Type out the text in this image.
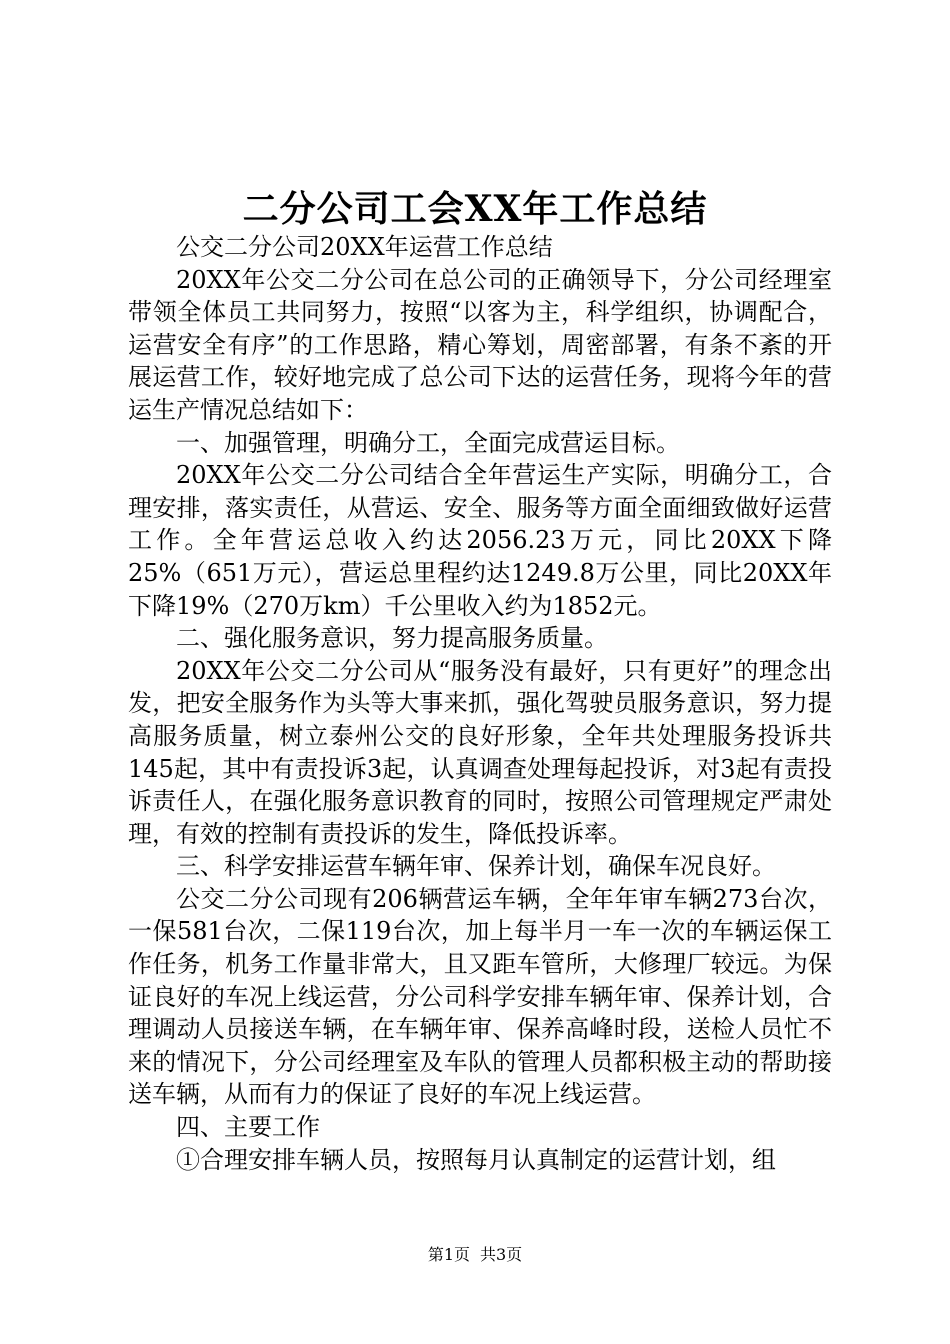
二分公司工会XX年工作总结

公交二分公司20XX年运营工作总结

20XX年公交二分公司在总公司的正确领导下，分公司经理室带领全体员工共同努力，按照“以客为主，科学组织，协调配合，运营安全有序”的工作思路，精心筹划，周密部署，有条不紊的开展运营工作，较好地完成了总公司下达的运营任务，现将今年的营运生产情况总结如下：

一、加强管理，明确分工，全面完成营运目标。

20XX年公交二分公司结合全年营运生产实际，明确分工，合理安排，落实责任，从营运、安全、服务等方面全面细致做好运营工作。全年营运总收入约达2056.23万元，同比20XX下降25%（651万元），营运总里程约达1249.8万公里，同比20XX年下降19%（270万km）千公里收入约为1852元。

二、强化服务意识，努力提高服务质量。

20XX年公交二分公司从“服务没有最好，只有更好”的理念出发，把安全服务作为头等大事来抓，强化驾驶员服务意识，努力提高服务质量，树立泰州公交的良好形象，全年共处理服务投诉共145起，其中有责投诉3起，认真调查处理每起投诉，对3起有责投诉责任人，在强化服务意识教育的同时，按照公司管理规定严肃处理，有效的控制有责投诉的发生，降低投诉率。

三、科学安排运营车辆年审、保养计划，确保车况良好。

公交二分公司现有206辆营运车辆，全年年审车辆273台次，一保581台次，二保119台次，加上每半月一车一次的车辆运保工作任务，机务工作量非常大，且又距车管所，大修理厂较远。为保证良好的车况上线运营，分公司科学安排车辆年审、保养计划，合理调动人员接送车辆，在车辆年审、保养高峰时段，送检人员忙不来的情况下，分公司经理室及车队的管理人员都积极主动的帮助接送车辆，从而有力的保证了良好的车况上线运营。

四、主要工作

①合理安排车辆人员，按照每月认真制定的运营计划，组

第1页 共3页
